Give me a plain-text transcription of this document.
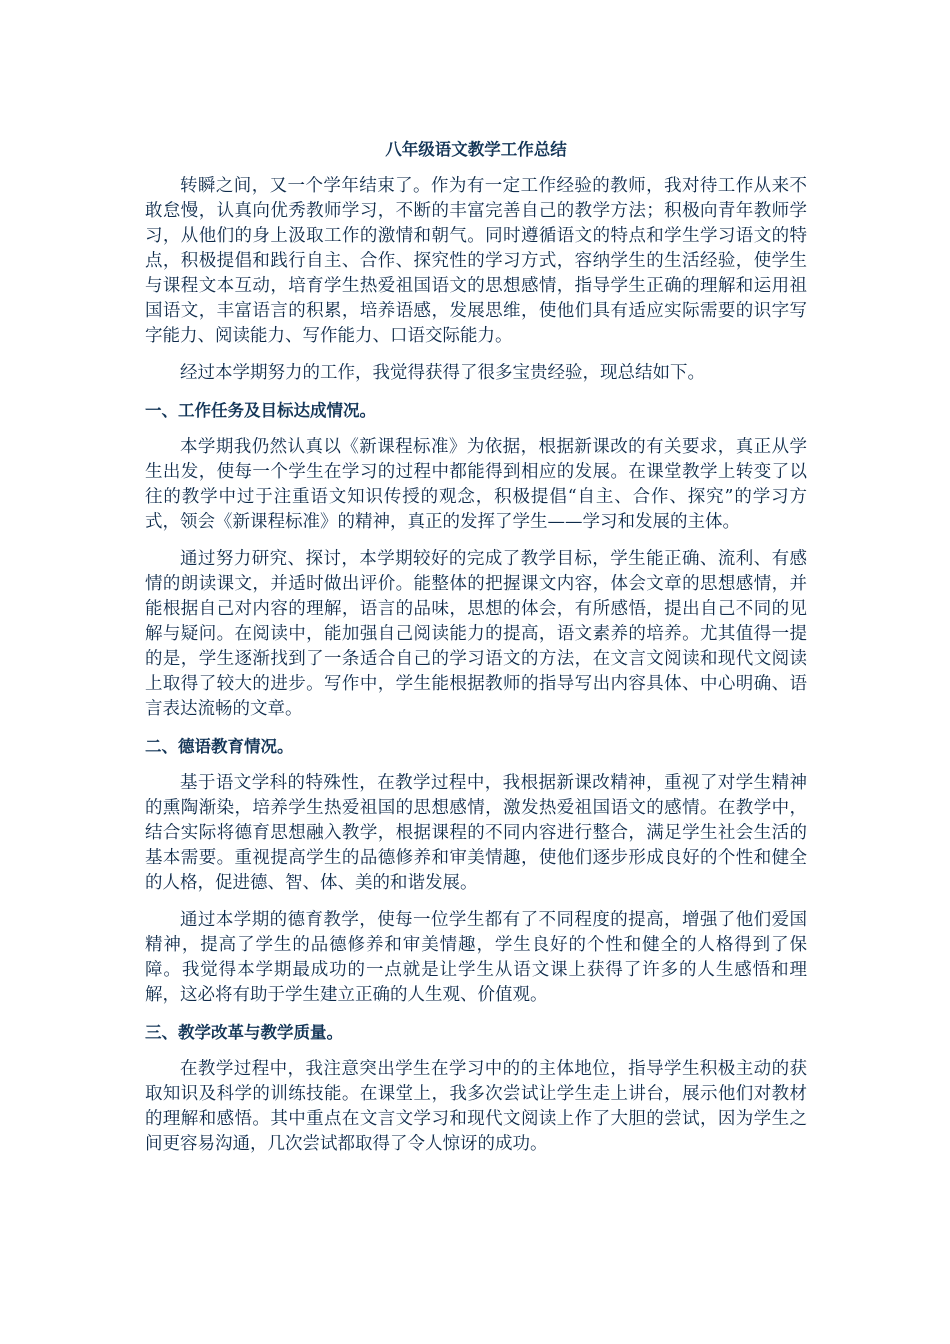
八年级语文教学工作总结

转瞬之间，又一个学年结束了。作为有一定工作经验的教师，我对待工作从来不敢怠慢，认真向优秀教师学习，不断的丰富完善自己的教学方法；积极向青年教师学习，从他们的身上汲取工作的激情和朝气。同时遵循语文的特点和学生学习语文的特点，积极提倡和践行自主、合作、探究性的学习方式，容纳学生的生活经验，使学生与课程文本互动，培育学生热爱祖国语文的思想感情，指导学生正确的理解和运用祖国语文，丰富语言的积累，培养语感，发展思维，使他们具有适应实际需要的识字写字能力、阅读能力、写作能力、口语交际能力。

经过本学期努力的工作，我觉得获得了很多宝贵经验，现总结如下。

一、工作任务及目标达成情况。

本学期我仍然认真以《新课程标准》为依据，根据新课改的有关要求，真正从学生出发，使每一个学生在学习的过程中都能得到相应的发展。在课堂教学上转变了以往的教学中过于注重语文知识传授的观念，积极提倡“自主、合作、探究”的学习方式，领会《新课程标准》的精神，真正的发挥了学生——学习和发展的主体。

通过努力研究、探讨，本学期较好的完成了教学目标，学生能正确、流利、有感情的朗读课文，并适时做出评价。能整体的把握课文内容，体会文章的思想感情，并能根据自己对内容的理解，语言的品味，思想的体会，有所感悟，提出自己不同的见解与疑问。在阅读中，能加强自己阅读能力的提高，语文素养的培养。尤其值得一提的是，学生逐渐找到了一条适合自己的学习语文的方法，在文言文阅读和现代文阅读上取得了较大的进步。写作中，学生能根据教师的指导写出内容具体、中心明确、语言表达流畅的文章。

二、德语教育情况。

基于语文学科的特殊性，在教学过程中，我根据新课改精神，重视了对学生精神的熏陶渐染，培养学生热爱祖国的思想感情，激发热爱祖国语文的感情。在教学中，结合实际将德育思想融入教学，根据课程的不同内容进行整合，满足学生社会生活的基本需要。重视提高学生的品德修养和审美情趣，使他们逐步形成良好的个性和健全的人格，促进德、智、体、美的和谐发展。

通过本学期的德育教学，使每一位学生都有了不同程度的提高，增强了他们爱国精神，提高了学生的品德修养和审美情趣，学生良好的个性和健全的人格得到了保障。我觉得本学期最成功的一点就是让学生从语文课上获得了许多的人生感悟和理解，这必将有助于学生建立正确的人生观、价值观。

三、教学改革与教学质量。

在教学过程中，我注意突出学生在学习中的的主体地位，指导学生积极主动的获取知识及科学的训练技能。在课堂上，我多次尝试让学生走上讲台，展示他们对教材的理解和感悟。其中重点在文言文学习和现代文阅读上作了大胆的尝试，因为学生之间更容易沟通，几次尝试都取得了令人惊讶的成功。
